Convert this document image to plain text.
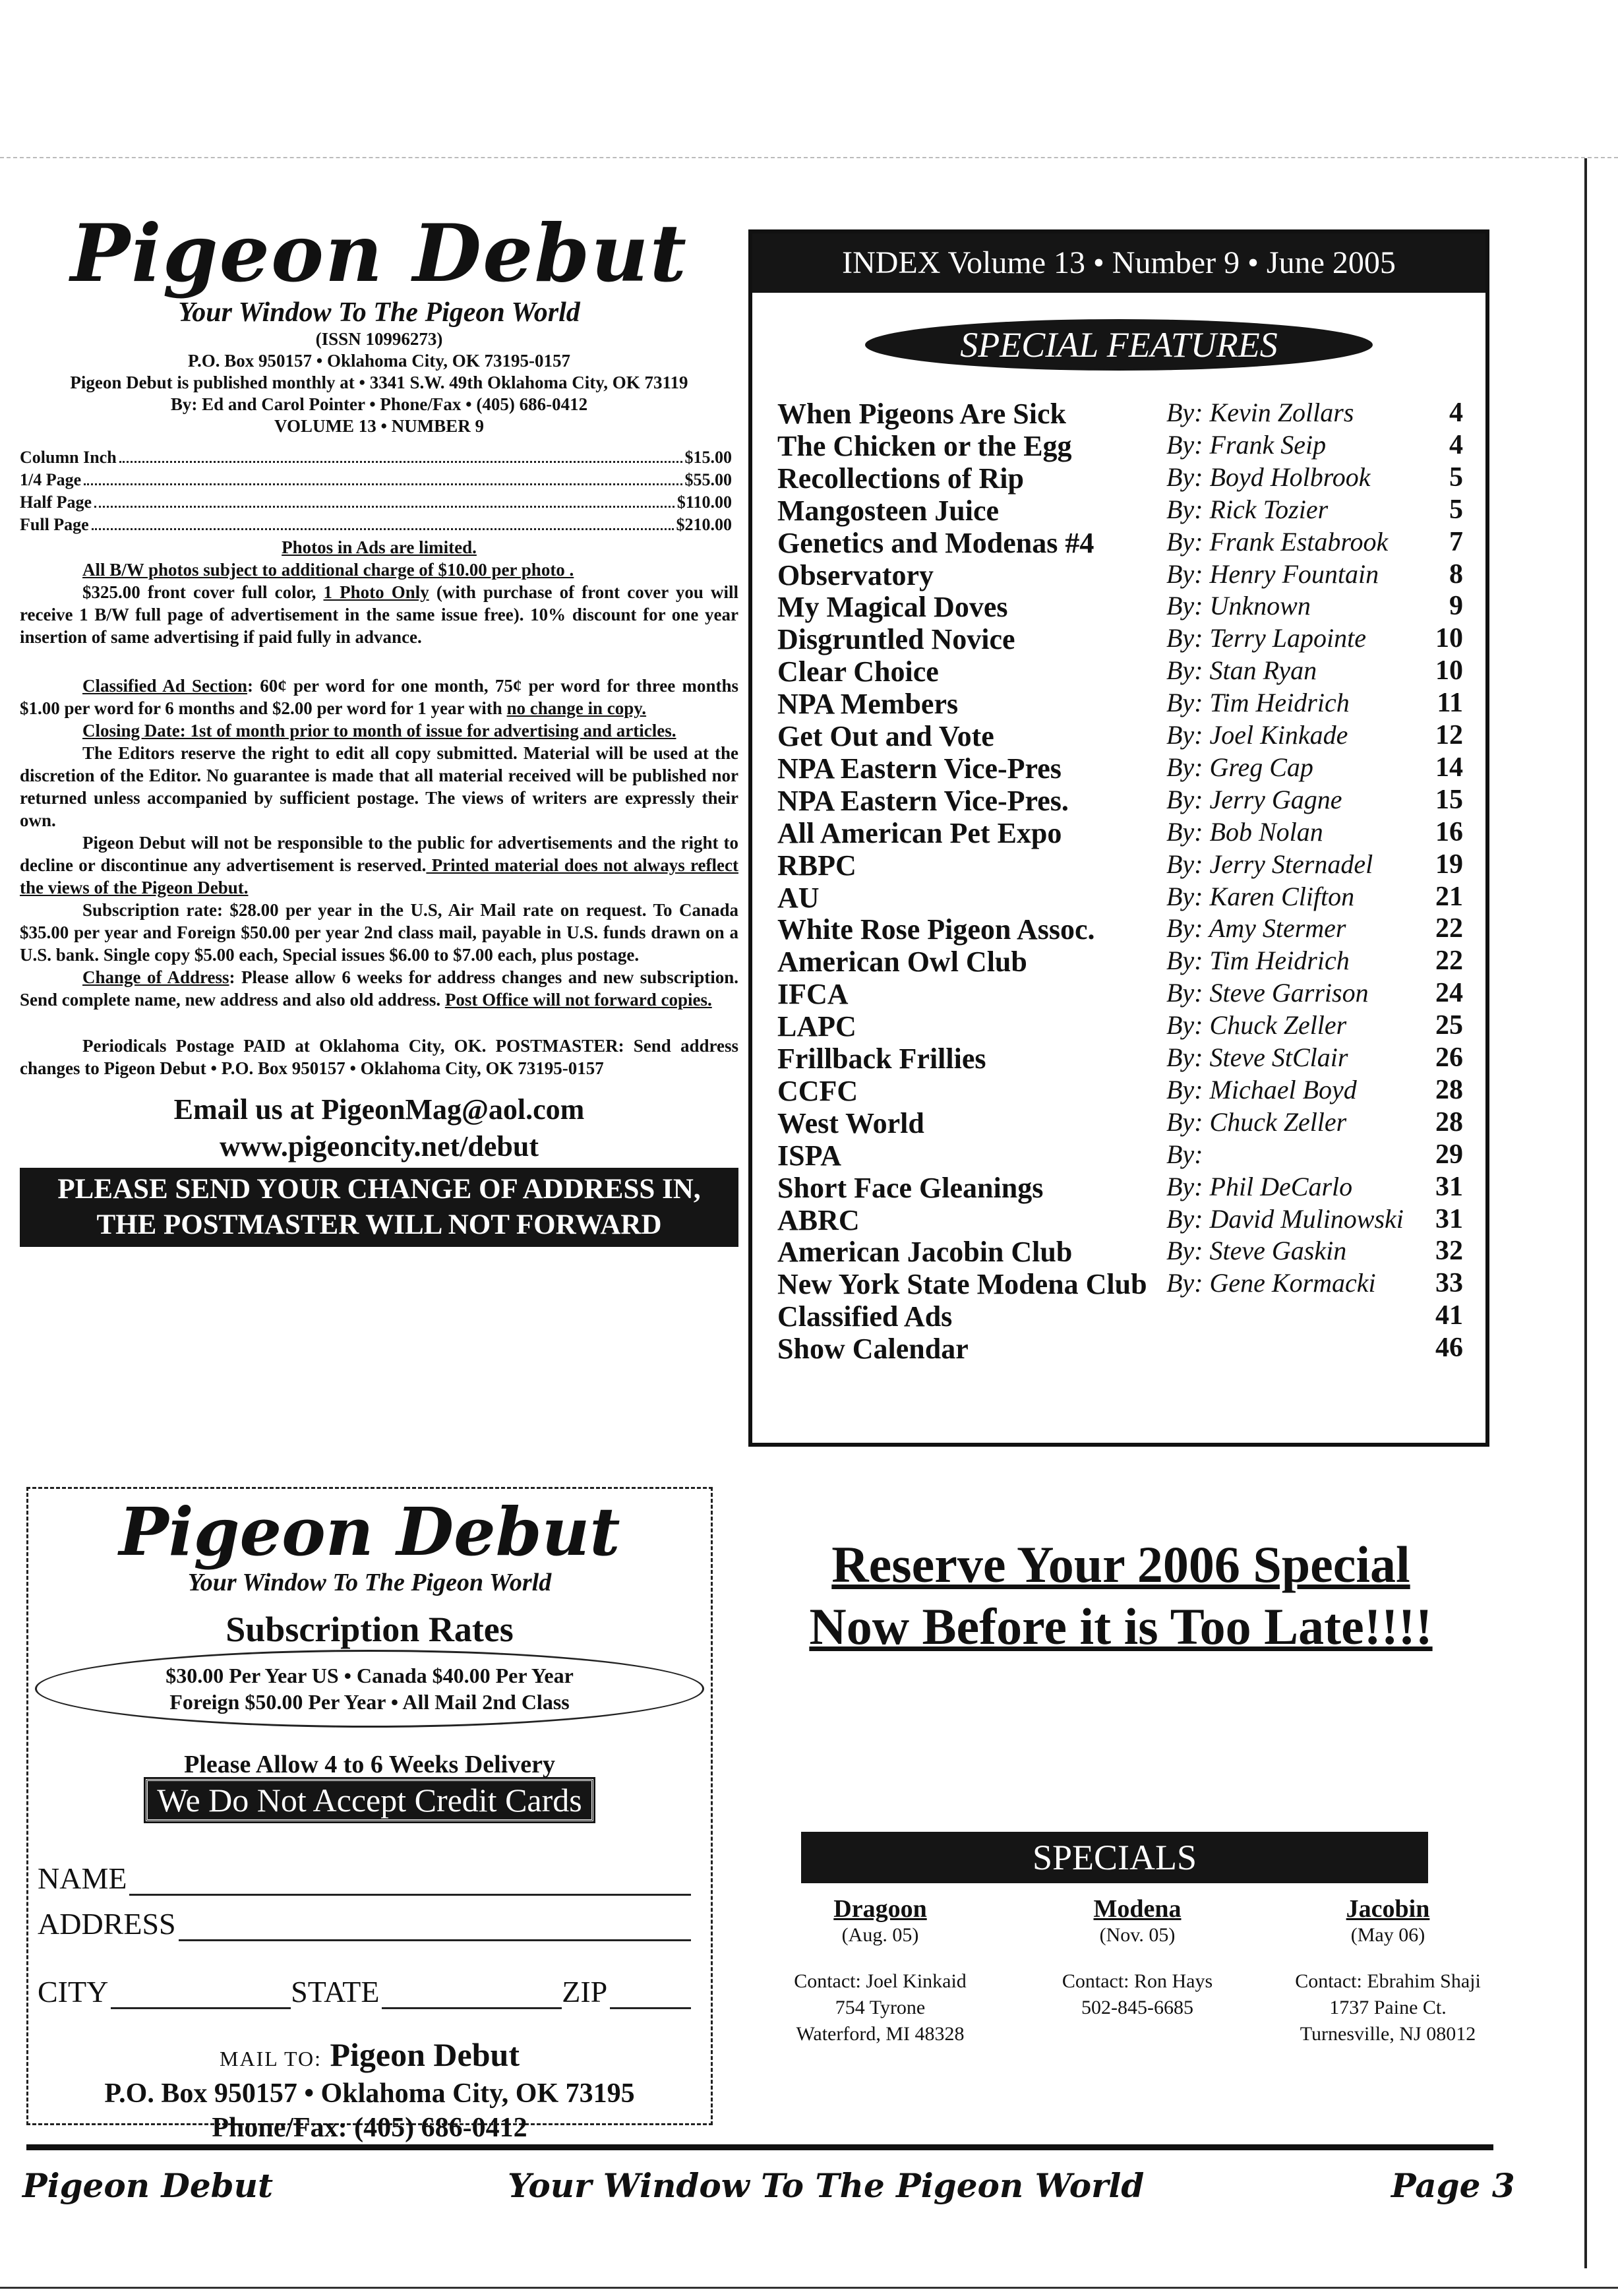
Pigeon Debut
Your Window To The Pigeon World
(ISSN 10996273)
P.O. Box 950157 • Oklahoma City, OK 73195-0157
Pigeon Debut is published monthly at • 3341 S.W. 49th Oklahoma City, OK 73119
By: Ed and Carol Pointer • Phone/Fax • (405) 686-0412
VOLUME 13 • NUMBER 9
Column Inch	$15.00
1/4 Page	$55.00
Half Page	$110.00
Full Page	$210.00
Photos in Ads are limited.

All B/W photos subject to additional charge of $10.00 per photo .

$325.00 front cover full color, 1 Photo Only (with purchase of front cover you will receive 1 B/W full page of advertisement in the same issue free). 10% discount for one year insertion of same advertising if paid fully in advance.

Classified Ad Section: 60¢ per word for one month, 75¢ per word for three months $1.00 per word for 6 months and $2.00 per word for 1 year with no change in copy.

Closing Date: 1st of month prior to month of issue for advertising and articles.

The Editors reserve the right to edit all copy submitted. Material will be used at the discretion of the Editor. No guarantee is made that all material received will be published nor returned unless accompanied by sufficient postage. The views of writers are expressly their own.

Pigeon Debut will not be responsible to the public for advertisements and the right to decline or discontinue any advertisement is reserved. Printed material does not always reflect the views of the Pigeon Debut.

Subscription rate: $28.00 per year in the U.S, Air Mail rate on request. To Canada $35.00 per year and Foreign $50.00 per year 2nd class mail, payable in U.S. funds drawn on a U.S. bank. Single copy $5.00 each, Special issues $6.00 to $7.00 each, plus postage.

Change of Address: Please allow 6 weeks for address changes and new subscription. Send complete name, new address and also old address. Post Office will not forward copies.

Periodicals Postage PAID at Oklahoma City, OK. POSTMASTER: Send address changes to Pigeon Debut • P.O. Box 950157 • Oklahoma City, OK 73195-0157

Email us at PigeonMag@aol.com
www.pigeoncity.net/debut
PLEASE SEND YOUR CHANGE OF ADDRESS IN,
THE POSTMASTER WILL NOT FORWARD
Pigeon Debut
Your Window To The Pigeon World
Subscription Rates
$30.00 Per Year US • Canada $40.00 Per Year
Foreign $50.00 Per Year • All Mail 2nd Class
Please Allow 4 to 6 Weeks Delivery
We Do Not Accept Credit Cards
NAME
ADDRESS
CITY	STATE	ZIP
MAIL TO: Pigeon Debut
P.O. Box 950157 • Oklahoma City, OK 73195
Phone/Fax: (405) 686-0412
INDEX Volume 13 • Number 9 • June 2005
SPECIAL FEATURES
When Pigeons Are Sick	By: Kevin Zollars	4
The Chicken or the Egg	By: Frank Seip	4
Recollections of Rip	By: Boyd Holbrook	5
Mangosteen Juice	By: Rick Tozier	5
Genetics and Modenas #4	By: Frank Estabrook 7
Observatory	By: Henry Fountain	8
My Magical Doves	By: Unknown	9
Disgruntled Novice	By: Terry Lapointe	10
Clear Choice	By: Stan Ryan	10
NPA Members	By: Tim Heidrich	11
Get Out and Vote	By: Joel Kinkade	12
NPA Eastern Vice-Pres	By: Greg Cap	14
NPA Eastern Vice-Pres.	By: Jerry Gagne	15
All American Pet Expo	By: Bob Nolan	16
RBPC	By: Jerry Sternadel 19
AU	By: Karen Clifton	21
White Rose Pigeon Assoc.	By: Amy Stermer	22
American Owl Club	By: Tim Heidrich	22
IFCA	By: Steve Garrison 24
LAPC	By: Chuck Zeller	25
Frillback Frillies	By: Steve StClair	26
CCFC	By: Michael Boyd	28
West World	By: Chuck Zeller	28
ISPA	By:	29
Short Face Gleanings	By: Phil DeCarlo	31
ABRC	By: David Mulinowski 31
American Jacobin Club	By: Steve Gaskin	32
New York State Modena Club By: Gene Kormacki 33
Classified Ads	41
Show Calendar	46
Reserve Your 2006 Special
Now Before it is Too Late!!!!
SPECIALS
Dragoon
(Aug. 05)
Contact: Joel Kinkaid
754 Tyrone
Waterford, MI 48328
Modena
(Nov. 05)
Contact: Ron Hays
502-845-6685
Jacobin
(May 06)
Contact: Ebrahim Shaji
1737 Paine Ct.
Turnesville, NJ 08012
Pigeon Debut	Your Window To The Pigeon World	Page 3
